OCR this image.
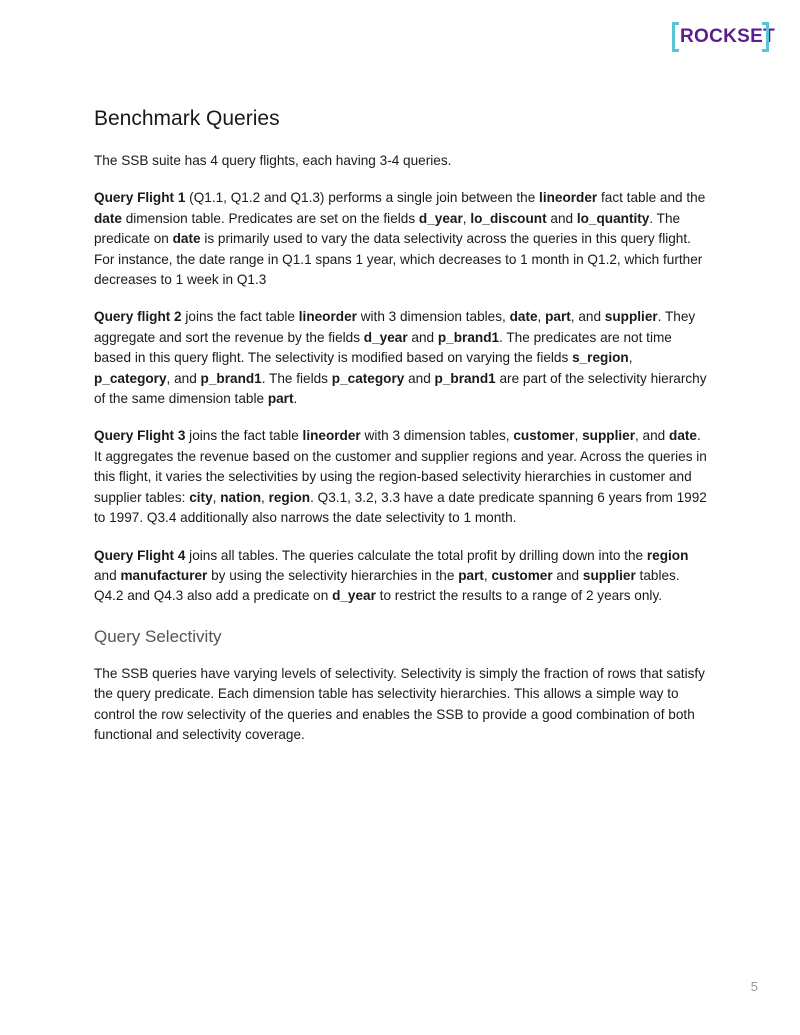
ROCKSET
Benchmark Queries

The SSB suite has 4 query flights, each having 3-4 queries.

Query Flight 1 (Q1.1, Q1.2 and Q1.3) performs a single join between the lineorder fact table and the date dimension table. Predicates are set on the fields d_year, lo_discount and lo_quantity. The predicate on date is primarily used to vary the data selectivity across the queries in this query flight. For instance, the date range in Q1.1 spans 1 year, which decreases to 1 month in Q1.2, which further decreases to 1 week in Q1.3

Query flight 2 joins the fact table lineorder with 3 dimension tables, date, part, and supplier. They aggregate and sort the revenue by the fields d_year and p_brand1. The predicates are not time based in this query flight. The selectivity is modified based on varying the fields s_region, p_category, and p_brand1. The fields p_category and p_brand1 are part of the selectivity hierarchy of the same dimension table part.

Query Flight 3 joins the fact table lineorder with 3 dimension tables, customer, supplier, and date. It aggregates the revenue based on the customer and supplier regions and year. Across the queries in this flight, it varies the selectivities by using the region-based selectivity hierarchies in customer and supplier tables: city, nation, region. Q3.1, 3.2, 3.3 have a date predicate spanning 6 years from 1992 to 1997. Q3.4 additionally also narrows the date selectivity to 1 month.

Query Flight 4 joins all tables. The queries calculate the total profit by drilling down into the region and manufacturer by using the selectivity hierarchies in the part, customer and supplier tables. Q4.2 and Q4.3 also add a predicate on d_year to restrict the results to a range of 2 years only.

Query Selectivity

The SSB queries have varying levels of selectivity. Selectivity is simply the fraction of rows that satisfy the query predicate. Each dimension table has selectivity hierarchies. This allows a simple way to control the row selectivity of the queries and enables the SSB to provide a good combination of both functional and selectivity coverage.

5
